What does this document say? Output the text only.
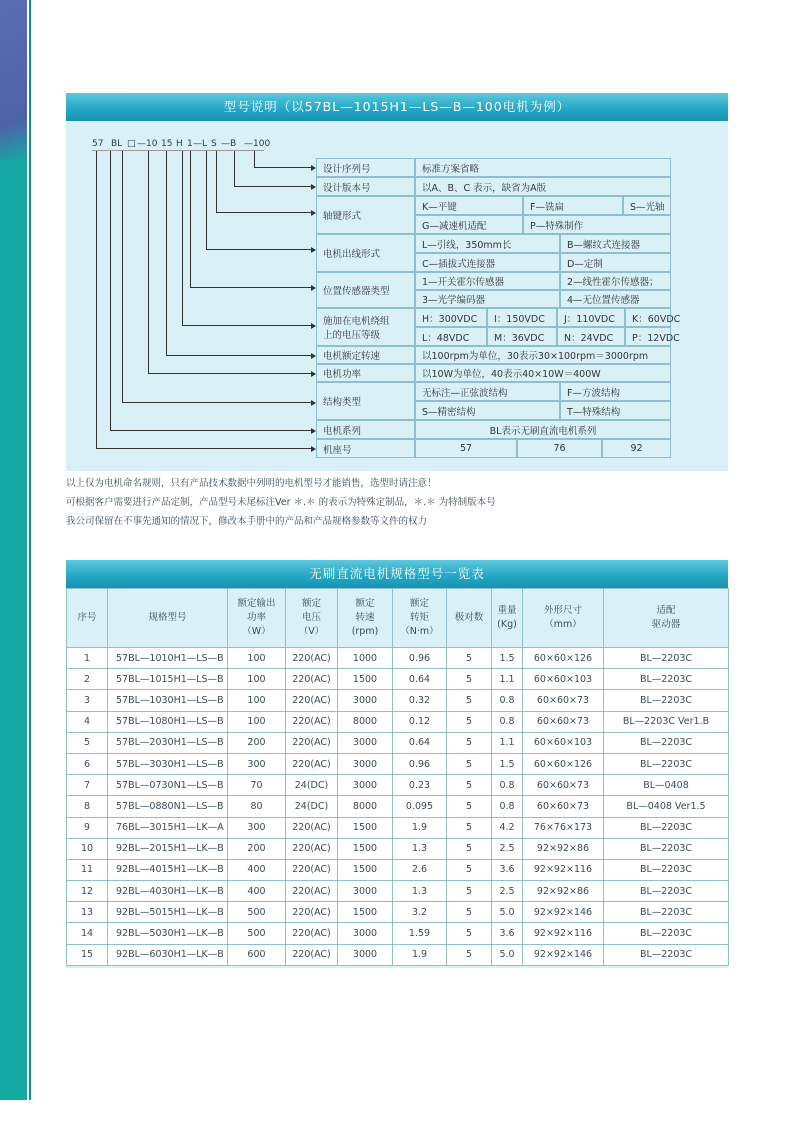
型号说明（以57BL—1015H1—LS—B—100电机为例）
57 BL □ —10 15 H 1 —L S —B —100
设计序列号	标准方案省略
设计版本号	以A、B、C 表示，缺省为A版
轴键形式
K—平键	F—铣扁	S—光轴
G—减速机适配	P—特殊制作
电机出线形式
L—引线，350mm长	B—螺纹式连接器
C—插拔式连接器	D—定制
位置传感器类型
1—开关霍尔传感器	2—线性霍尔传感器；
3—光学编码器	4—无位置传感器
施加在电机绕组
上的电压等级
H：300VDC	I：150VDC	J：110VDC	K：60VDC
L：48VDC	M：36VDC	N：24VDC	P：12VDC
电机额定转速	以100rpm为单位，30表示30×100rpm＝3000rpm
电机功率	以10W为单位，40表示40×10W＝400W
结构类型
无标注—正弦波结构	F—方波结构
S—精密结构	T—特殊结构
电机系列	BL表示无刷直流电机系列
机座号	57	76	92
以上仅为电机命名规则，只有产品技术数据中列明的电机型号才能销售，选型时请注意！
可根据客户需要进行产品定制，产品型号未尾标注Ver ＊.＊ 的表示为特殊定制品，＊.＊ 为特制版本号
我公司保留在不事先通知的情况下，修改本手册中的产品和产品规格参数等文件的权力
无刷直流电机规格型号一览表
序号	规格型号	额定输出
功率
（W）	额定
电压
（V）	额定
转速
(rpm)	额定
转矩
（N·m）	极对数	重量
(Kg)	外形尺寸
（mm）	适配
驱动器
1	57BL—1010H1—LS—B	100	220(AC)	1000	0.96	5	1.5	60×60×126	BL—2203C
2	57BL—1015H1—LS—B	100	220(AC)	1500	0.64	5	1.1	60×60×103	BL—2203C
3	57BL—1030H1—LS—B	100	220(AC)	3000	0.32	5	0.8	60×60×73	BL—2203C
4	57BL—1080H1—LS—B	100	220(AC)	8000	0.12	5	0.8	60×60×73	BL—2203C Ver1.B
5	57BL—2030H1—LS—B	200	220(AC)	3000	0.64	5	1.1	60×60×103	BL—2203C
6	57BL—3030H1—LS—B	300	220(AC)	3000	0.96	5	1.5	60×60×126	BL—2203C
7	57BL—0730N1—LS—B	70	24(DC)	3000	0.23	5	0.8	60×60×73	BL—0408
8	57BL—0880N1—LS—B	80	24(DC)	8000	0.095	5	0.8	60×60×73	BL—0408 Ver1.5
9	76BL—3015H1—LK—A	300	220(AC)	1500	1.9	5	4.2	76×76×173	BL—2203C
10	92BL—2015H1—LK—B	200	220(AC)	1500	1.3	5	2.5	92×92×86	BL—2203C
11	92BL—4015H1—LK—B	400	220(AC)	1500	2.6	5	3.6	92×92×116	BL—2203C
12	92BL—4030H1—LK—B	400	220(AC)	3000	1.3	5	2.5	92×92×86	BL—2203C
13	92BL—5015H1—LK—B	500	220(AC)	1500	3.2	5	5.0	92×92×146	BL—2203C
14	92BL—5030H1—LK—B	500	220(AC)	3000	1.59	5	3.6	92×92×116	BL—2203C
15	92BL—6030H1—LK—B	600	220(AC)	3000	1.9	5	5.0	92×92×146	BL—2203C
